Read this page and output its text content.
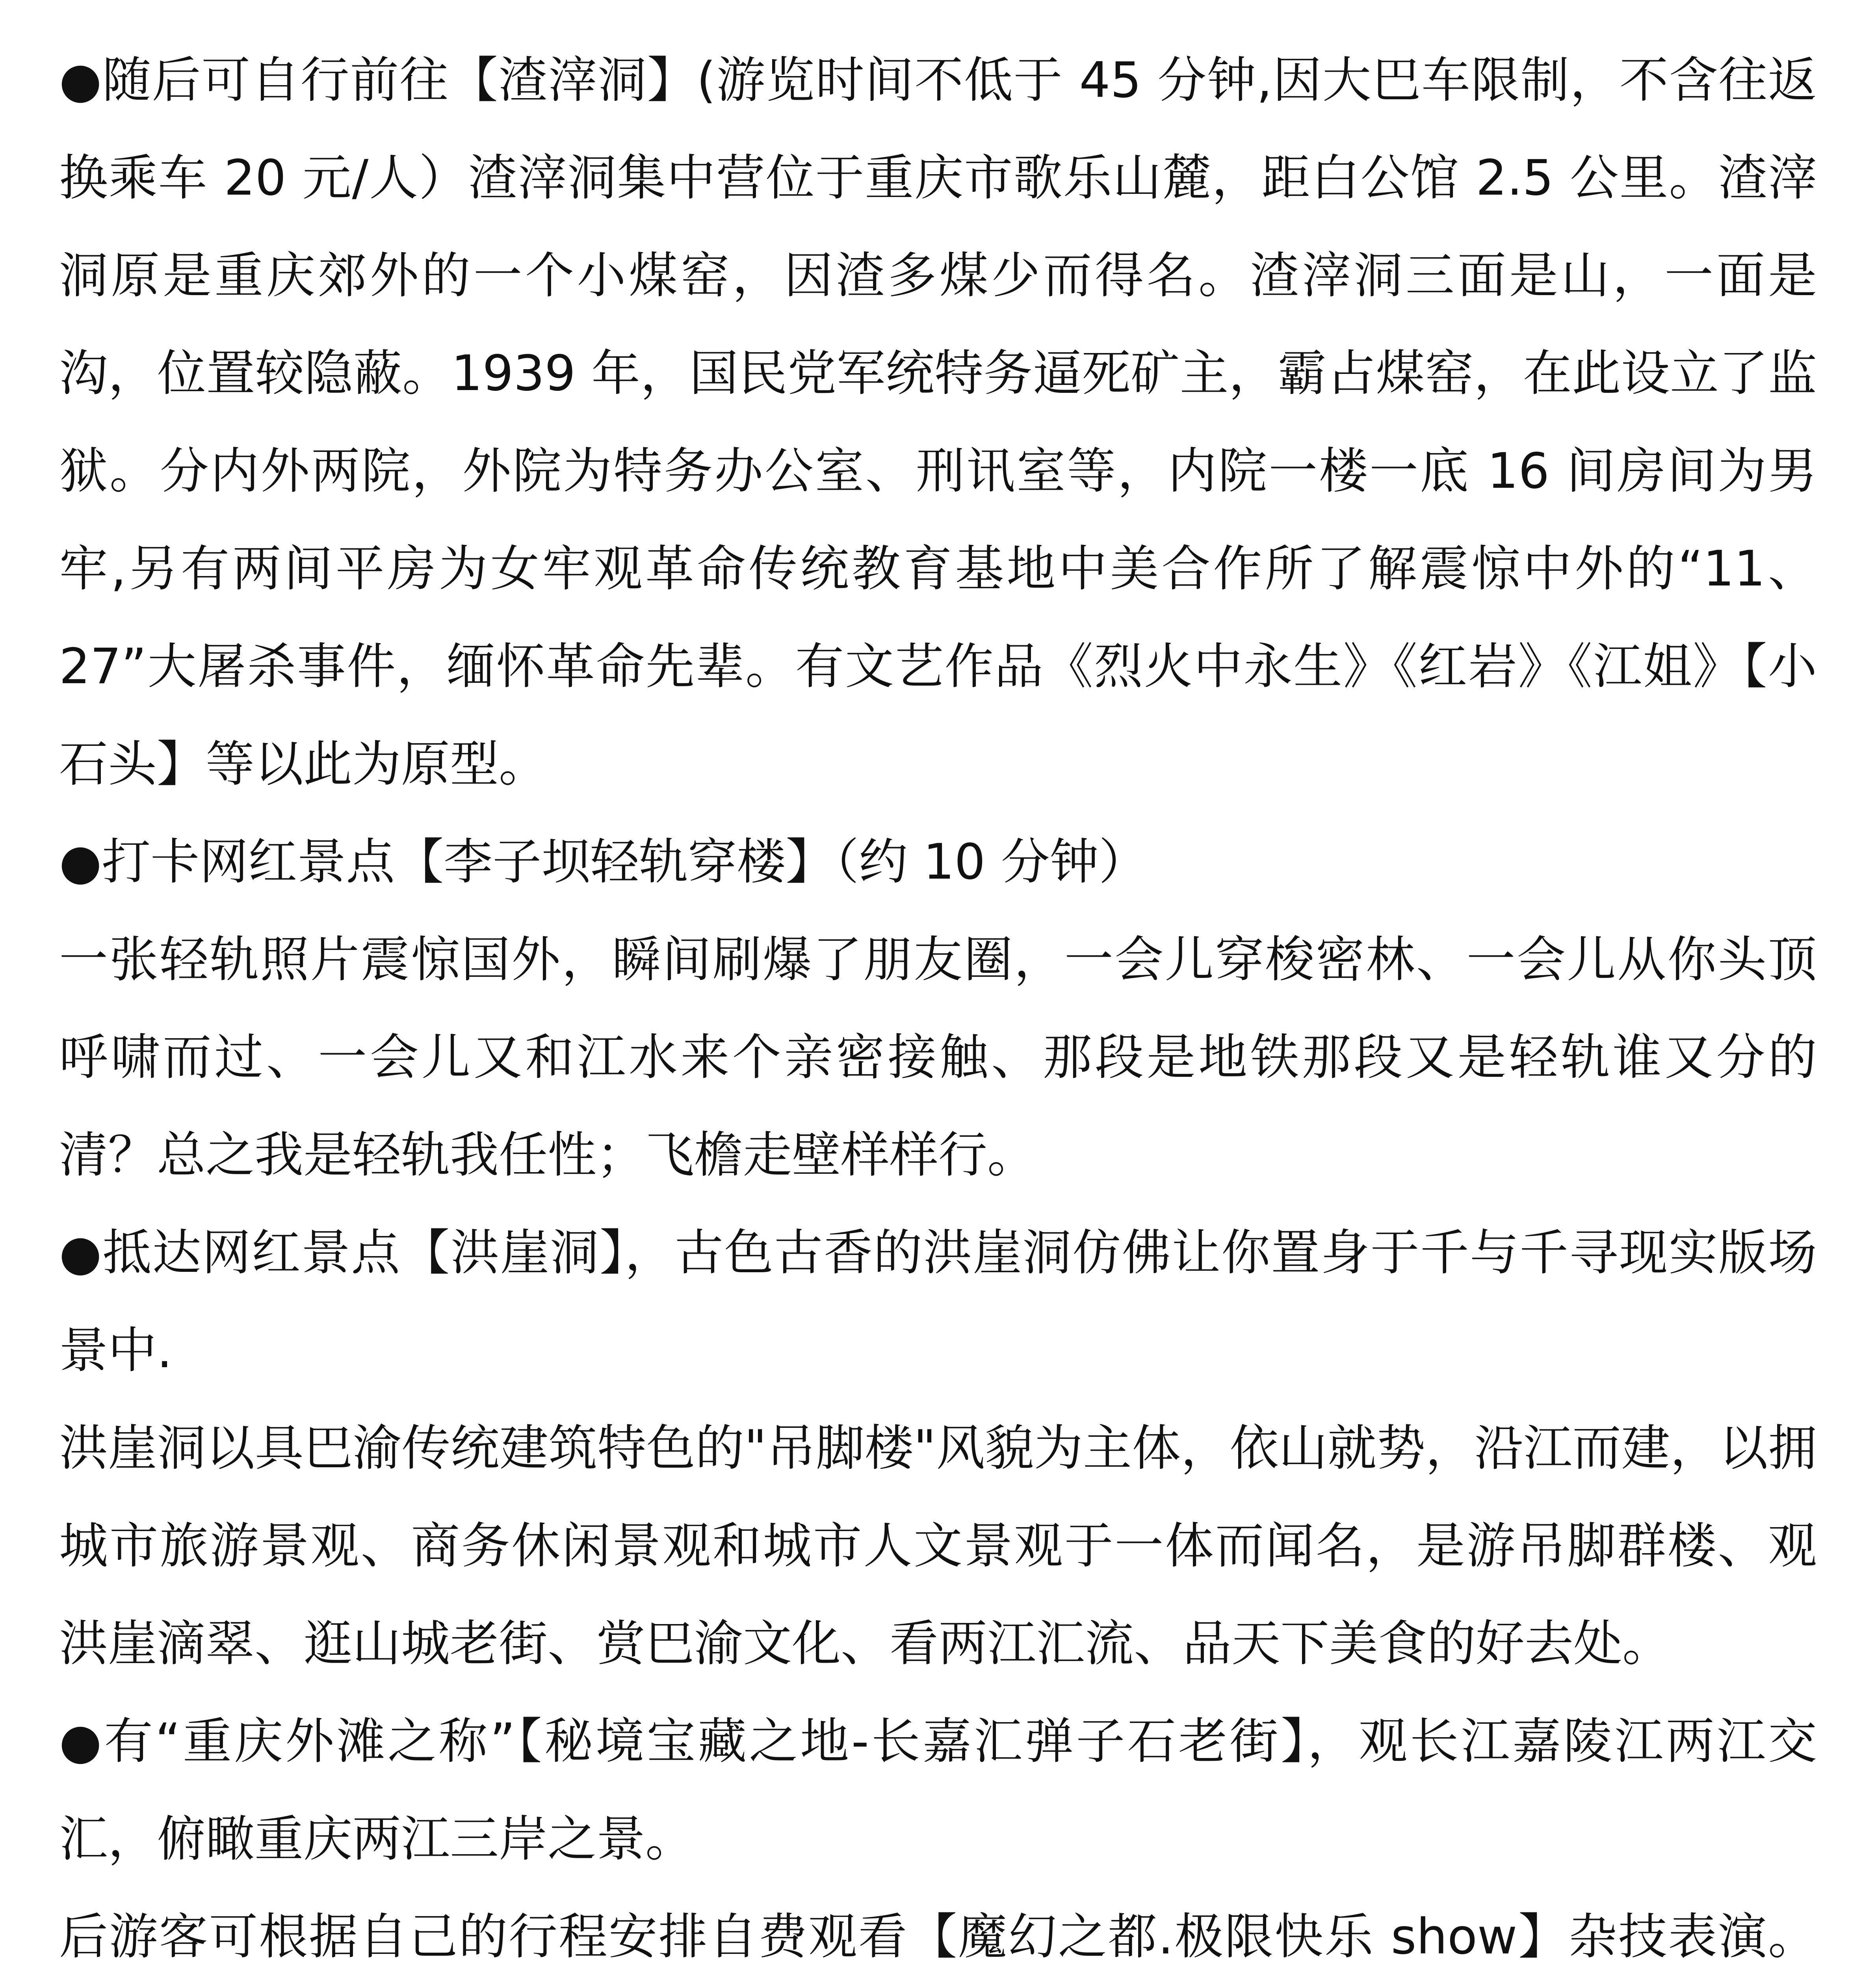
●随后可自行前往【渣滓洞】(游览时间不低于 45 分钟,因大巴车限制，不含往返换乘车 20 元/人）渣滓洞集中营位于重庆市歌乐山麓，距白公馆 2.5 公里。渣滓洞原是重庆郊外的一个小煤窑，因渣多煤少而得名。渣滓洞三面是山，一面是沟，位置较隐蔽。1939 年，国民党军统特务逼死矿主，霸占煤窑，在此设立了监狱。分内外两院，外院为特务办公室、刑讯室等，内院一楼一底 16 间房间为男牢,另有两间平房为女牢观革命传统教育基地中美合作所了解震惊中外的“11、27”大屠杀事件，缅怀革命先辈。有文艺作品《烈火中永生》《红岩》《江姐》【小石头】等以此为原型。

●打卡网红景点【李子坝轻轨穿楼】（约 10 分钟）

一张轻轨照片震惊国外，瞬间刷爆了朋友圈，一会儿穿梭密林、一会儿从你头顶呼啸而过、一会儿又和江水来个亲密接触、那段是地铁那段又是轻轨谁又分的清？总之我是轻轨我任性；飞檐走壁样样行。

●抵达网红景点【洪崖洞】，古色古香的洪崖洞仿佛让你置身于千与千寻现实版场景中.

洪崖洞以具巴渝传统建筑特色的"吊脚楼"风貌为主体，依山就势，沿江而建，以拥城市旅游景观、商务休闲景观和城市人文景观于一体而闻名，是游吊脚群楼、观洪崖滴翠、逛山城老街、赏巴渝文化、看两江汇流、品天下美食的好去处。

●有“重庆外滩之称”【秘境宝藏之地-长嘉汇弹子石老街】，观长江嘉陵江两江交汇，俯瞰重庆两江三岸之景。

后游客可根据自己的行程安排自费观看【魔幻之都.极限快乐 show】杂技表演。
